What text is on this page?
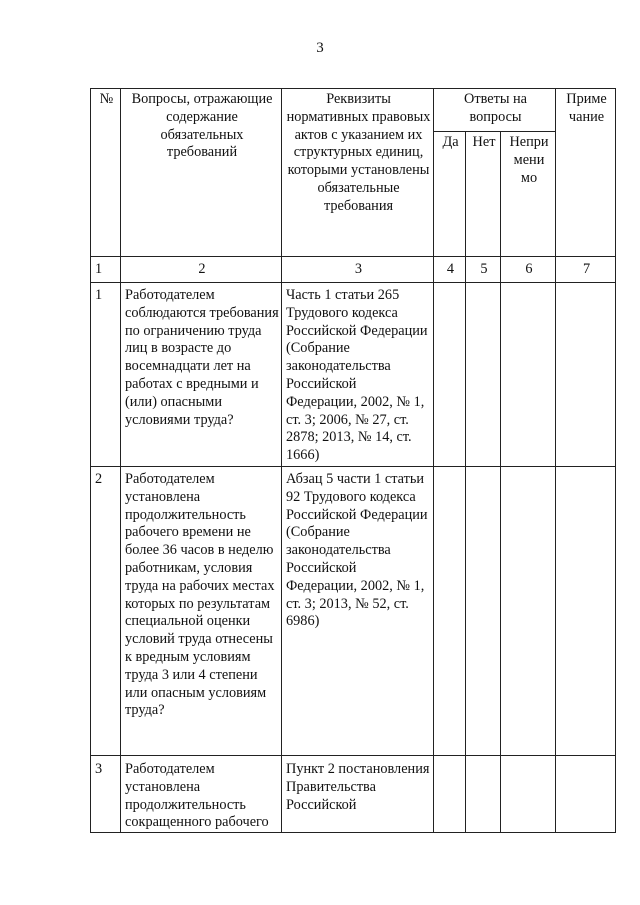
3
№	Вопросы, отражающие содержание обязательных требований	Реквизиты нормативных правовых актов с указанием их структурных единиц, которыми установлены обязательные требования	Ответы на вопросы			Приме чание
			Да	Нет	Непри мени мо	
1	2	3	4	5	6	7
1	Работодателем соблюдаются требования по ограничению труда лиц в возрасте до восемнадцати лет на работах с вредными и (или) опасными условиями труда?	Часть 1 статьи 265 Трудового кодекса Российской Федерации (Собрание законодательства Российской Федерации, 2002, № 1, ст. 3; 2006, № 27, ст. 2878; 2013, № 14, ст. 1666)				
2	Работодателем установлена продолжительность рабочего времени не более 36 часов в неделю работникам, условия труда на рабочих местах которых по результатам специальной оценки условий труда отнесены к вредным условиям труда 3 или 4 степени или опасным условиям труда?	Абзац 5 части 1 статьи 92 Трудового кодекса Российской Федерации (Собрание законодательства Российской Федерации, 2002, № 1, ст. 3; 2013, № 52, ст. 6986)				
3	Работодателем установлена продолжительность сокращенного рабочего	Пункт 2 постановления Правительства Российской				
